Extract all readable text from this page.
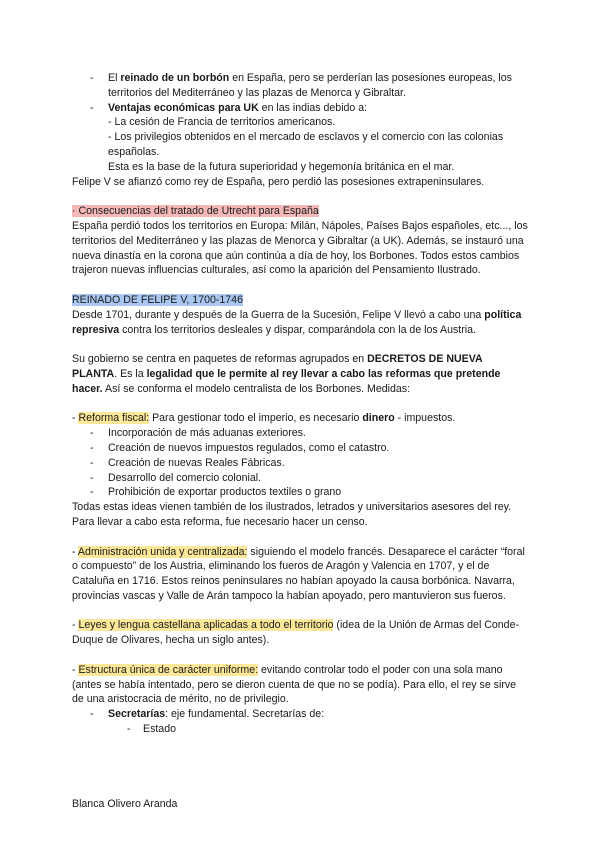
- El reinado de un borbón en España, pero se perderían las posesiones europeas, los territorios del Mediterráneo y las plazas de Menorca y Gibraltar.
- Ventajas económicas para UK en las indias debido a:

- La cesión de Francia de territorios americanos.

- Los privilegios obtenidos en el mercado de esclavos y el comercio con las colonias españolas.

Esta es la base de la futura superioridad y hegemonía británica en el mar.

Felipe V se afianzó como rey de España, pero perdió las posesiones extrapeninsulares.

· Consecuencias del tratado de Utrecht para España

España perdió todos los territorios en Europa: Milán, Nápoles, Países Bajos españoles, etc..., los territorios del Mediterráneo y las plazas de Menorca y Gibraltar (a UK). Además, se instauró una nueva dinastía en la corona que aún continúa a día de hoy, los Borbones. Todos estos cambios trajeron nuevas influencias culturales, así como la aparición del Pensamiento Ilustrado.

REINADO DE FELIPE V, 1700-1746

Desde 1701, durante y después de la Guerra de la Sucesión, Felipe V llevó a cabo una política represiva contra los territorios desleales y dispar, comparándola con la de los Austria.

Su gobierno se centra en paquetes de reformas agrupados en DECRETOS DE NUEVA PLANTA. Es la legalidad que le permite al rey llevar a cabo las reformas que pretende hacer. Así se conforma el modelo centralista de los Borbones. Medidas:

- Reforma fiscal: Para gestionar todo el imperio, es necesario dinero - impuestos.

- Incorporación de más aduanas exteriores.
- Creación de nuevos impuestos regulados, como el catastro.
- Creación de nuevas Reales Fábricas.
- Desarrollo del comercio colonial.
- Prohibición de exportar productos textiles o grano

Todas estas ideas vienen también de los ilustrados, letrados y universitarios asesores del rey. Para llevar a cabo esta reforma, fue necesario hacer un censo.

- Administración unida y centralizada: siguiendo el modelo francés. Desaparece el carácter “foral o compuesto” de los Austria, eliminando los fueros de Aragón y Valencia en 1707, y el de Cataluña en 1716. Estos reinos peninsulares no habían apoyado la causa borbónica. Navarra, provincias vascas y Valle de Arán tampoco la habían apoyado, pero mantuvieron sus fueros.

- Leyes y lengua castellana aplicadas a todo el territorio (idea de la Unión de Armas del Conde-Duque de Olivares, hecha un siglo antes).

- Estructura única de carácter uniforme: evitando controlar todo el poder con una sola mano (antes se había intentado, pero se dieron cuenta de que no se podía). Para ello, el rey se sirve de una aristocracia de mérito, no de privilegio.

- Secretarías: eje fundamental. Secretarías de:
- Estado

Blanca Olivero Aranda
